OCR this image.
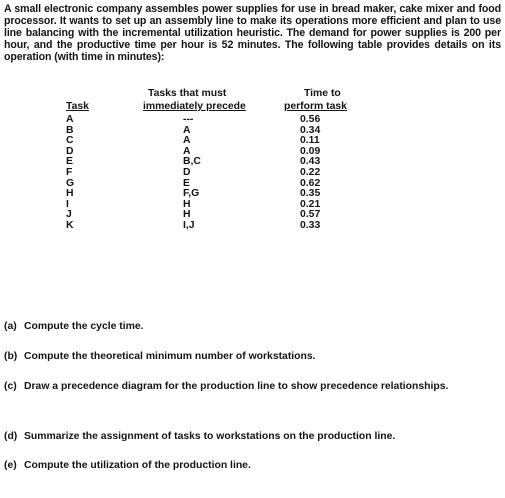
A small electronic company assembles power supplies for use in bread maker, cake mixer and food processor. It wants to set up an assembly line to make its operations more efficient and plan to use line balancing with the incremental utilization heuristic. The demand for power supplies is 200 per hour, and the productive time per hour is 52 minutes. The following table provides details on its operation (with time in minutes):

Task
Tasks that must
immediately precede
Time to
perform task
A	---	0.56
B	A	0.34
C	A	0.11
D	A	0.09
E	B,C	0.43
F	D	0.22
G	E	0.62
H	F,G	0.35
I	H	0.21
J	H	0.57
K	I,J	0.33
(a) Compute the cycle time.
(b) Compute the theoretical minimum number of workstations.
(c) Draw a precedence diagram for the production line to show precedence relationships.
(d) Summarize the assignment of tasks to workstations on the production line.
(e) Compute the utilization of the production line.
